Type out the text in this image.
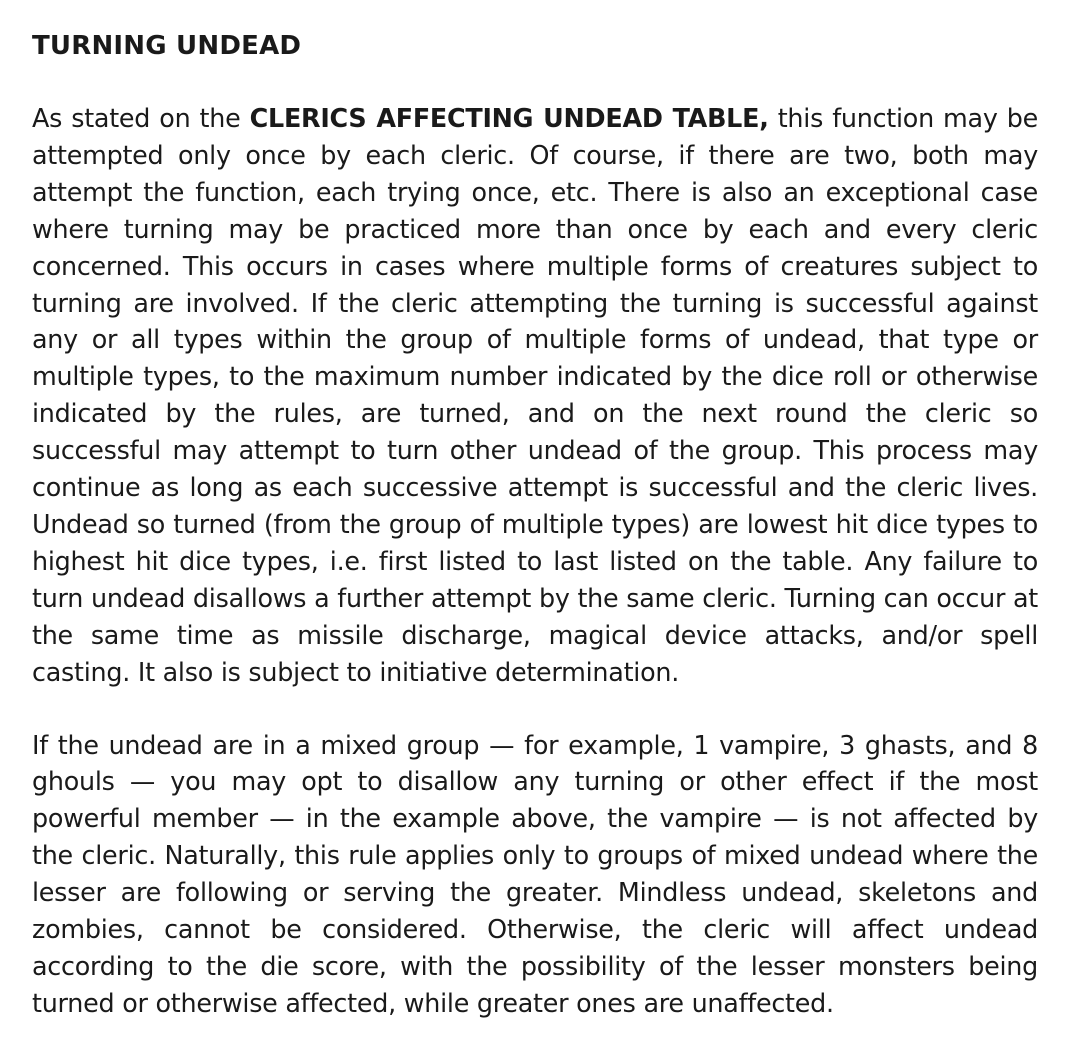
TURNING UNDEAD

As stated on the CLERICS AFFECTING UNDEAD TABLE, this function may be attempted only once by each cleric. Of course, if there are two, both may attempt the function, each trying once, etc. There is also an exceptional case where turning may be practiced more than once by each and every cleric concerned. This occurs in cases where multiple forms of creatures subject to turning are involved. If the cleric attempting the turning is successful against any or all types within the group of multiple forms of undead, that type or multiple types, to the maximum number indicated by the dice roll or otherwise indicated by the rules, are turned, and on the next round the cleric so successful may attempt to turn other undead of the group. This process may continue as long as each successive attempt is successful and the cleric lives. Undead so turned (from the group of multiple types) are lowest hit dice types to highest hit dice types, i.e. first listed to last listed on the table. Any failure to turn undead disallows a further attempt by the same cleric. Turning can occur at the same time as missile discharge, magical device attacks, and/or spell casting. It also is subject to initiative determination.

If the undead are in a mixed group — for example, 1 vampire, 3 ghasts, and 8 ghouls — you may opt to disallow any turning or other effect if the most powerful member — in the example above, the vampire — is not affected by the cleric. Naturally, this rule applies only to groups of mixed undead where the lesser are following or serving the greater. Mindless undead, skeletons and zombies, cannot be considered. Otherwise, the cleric will affect undead according to the die score, with the possibility of the lesser monsters being turned or otherwise affected, while greater ones are unaffected.
